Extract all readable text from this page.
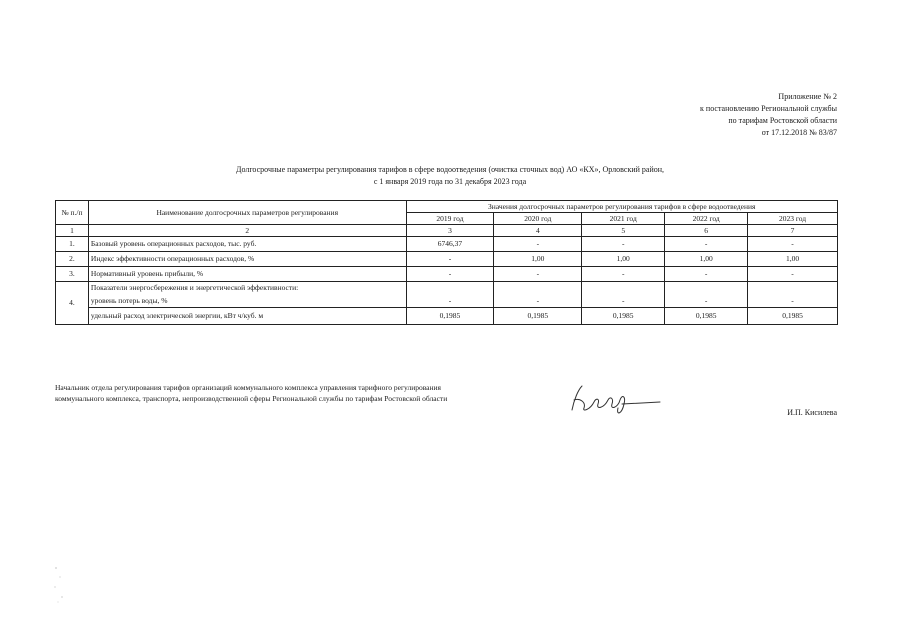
Приложение № 2
к постановлению Региональной службы
по тарифам Ростовской области
от 17.12.2018 № 83/87
Долгосрочные параметры регулирования тарифов в сфере водоотведения (очистка сточных вод) АО «КХ», Орловский район,
с 1 января 2019 года по 31 декабря 2023 года
№ п./п	Наименование долгосрочных параметров регулирования	Значения долгосрочных параметров регулирования тарифов в сфере водоотведения				
		2019 год	2020 год	2021 год	2022 год	2023 год
1	2	3	4	5	6	7
1.	Базовый уровень операционных расходов, тыс. руб.	6746,37	-	-	-	-
2.	Индекс эффективности операционных расходов, %	-	1,00	1,00	1,00	1,00
3.	Нормативный уровень прибыли, %	-	-	-	-	-
4.	Показатели энергосбережения и энергетической эффективности:					
	уровень потерь воды, %	-	-	-	-	-
	удельный расход электрической энергии, кВт ч/куб. м	0,1985	0,1985	0,1985	0,1985	0,1985
Начальник отдела регулирования тарифов организаций коммунального комплекса управления тарифного регулирования коммунального комплекса, транспорта, непроизводственной сферы Региональной службы по тарифам Ростовской области
И.П. Кисилева
